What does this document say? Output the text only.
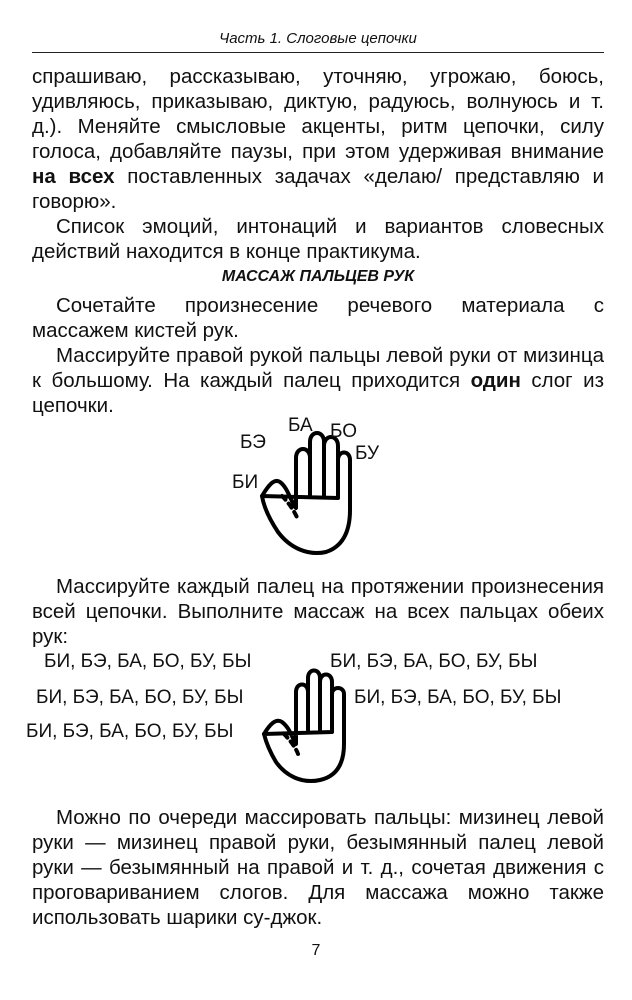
Часть 1. Слоговые цепочки

спрашиваю, рассказываю, уточняю, угрожаю, боюсь, удивляюсь, приказываю, диктую, радуюсь, волнуюсь и т. д.). Меняйте смысловые акценты, ритм цепочки, силу голоса, добавляйте паузы, при этом удерживая внимание на всех поставленных задачах «делаю/ представляю и говорю».

Список эмоций, интонаций и вариантов словесных действий находится в конце практикума.

МАССАЖ ПАЛЬЦЕВ РУК

Сочетайте произнесение речевого материала с массажем кистей рук.

Массируйте правой рукой пальцы левой руки от мизинца к большому. На каждый палец приходится один слог из цепочки.

БЭ
БА БО
БУ
БИ

Массируйте каждый палец на протяжении произнесения всей цепочки. Выполните массаж на всех пальцах обеих рук:

БИ, БЭ, БА, БО, БУ, БЫ	БИ, БЭ, БА, БО, БУ, БЫ
БИ, БЭ, БА, БО, БУ, БЫ	БИ, БЭ, БА, БО, БУ, БЫ
БИ, БЭ, БА, БО, БУ, БЫ

Можно по очереди массировать пальцы: мизинец левой руки — мизинец правой руки, безымянный палец левой руки — безымянный на правой и т. д., сочетая движения с проговариванием слогов. Для массажа можно также использовать шарики су-джок.

7
